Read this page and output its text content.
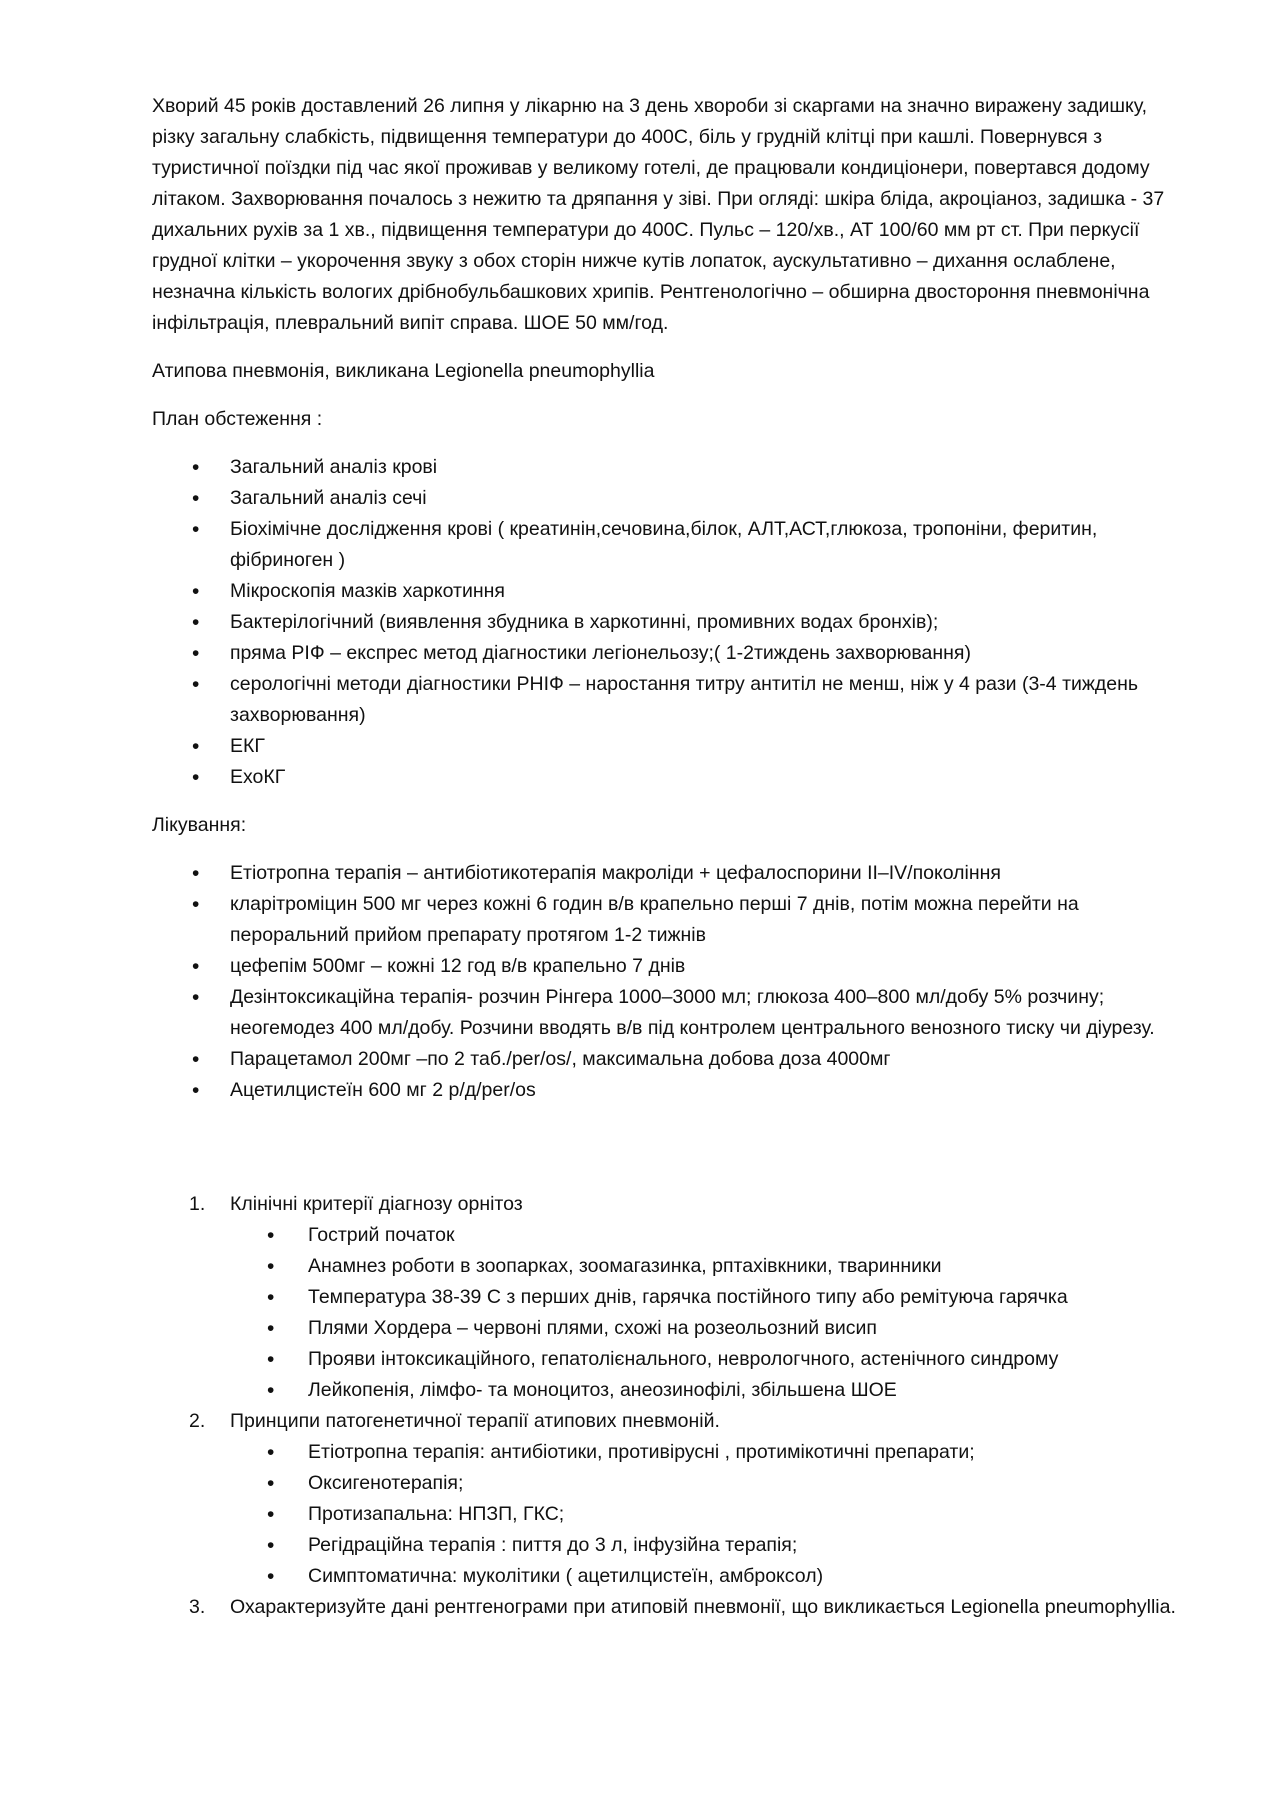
Хворий 45 років доставлений 26 липня у лікарню на 3 день хвороби зі скаргами на значно виражену задишку, різку загальну слабкість, підвищення температури до 400С, біль у грудній клітці при кашлі. Повернувся з туристичної поїздки під час якої проживав у великому готелі, де працювали кондиціонери, повертався додому літаком. Захворювання почалось з нежитю та дряпання у зіві. При огляді: шкіра бліда, акроціаноз, задишка - 37 дихальних рухів за 1 хв., підвищення температури до 400С. Пульс – 120/хв., АТ 100/60 мм рт ст. При перкусії грудної клітки – укорочення звуку з обох сторін нижче кутів лопаток, аускультативно – дихання ослаблене, незначна кількість вологих дрібнобульбашкових хрипів. Рентгенологічно – обширна двостороння пневмонічна інфільтрація, плевральний випіт справа. ШОЕ 50 мм/год.

Атипова пневмонія, викликана Legionella pneumophyllia

План обстеження :

• Загальний аналіз крові
• Загальний аналіз сечі
• Біохімічне дослідження крові ( креатинін,сечовина,білок, АЛТ,АСТ,глюкоза, тропоніни, феритин, фібриноген )
• Мікроскопія мазків харкотиння
• Бактерілогічний (виявлення збудника в харкотинні, промивних водах бронхів);
• пряма РІФ – експрес метод діагностики легіонельозу;( 1-2тиждень захворювання)
• серологічні методи діагностики РНІФ – наростання титру антитіл не менш, ніж у 4 рази (3-4 тиждень захворювання)
• ЕКГ
• ЕхоКГ

Лікування:

• Етіотропна терапія – антибіотикотерапія макроліди + цефалоспорини ІІ–IV/покоління
• кларітроміцин 500 мг через кожні 6 годин в/в крапельно перші 7 днів, потім можна перейти на пероральний прийом препарату протягом 1-2 тижнів
• цефепім 500мг – кожні 12 год в/в крапельно 7 днів
• Дезінтоксикаційна терапія- розчин Рінгера 1000–3000 мл; глюкоза 400–800 мл/добу 5% розчину; неогемодез 400 мл/добу. Розчини вводять в/в під контролем центрального венозного тиску чи діурезу.
• Парацетамол 200мг –по 2 таб./per/os/, максимальна добова доза 4000мг
• Ацетилцистеїн 600 мг 2 р/д/per/os
1. Клінічні критерії діагнозу орнітоз
• Гострий початок
• Анамнез роботи в зоопарках, зоомагазинка, рптахівкники, тваринники
• Температура 38-39 С з перших днів, гарячка постійного типу або ремітуюча гарячка
• Плями Хордера – червоні плями, схожі на розеольозний висип
• Прояви інтоксикаційного, гепатолієнального, неврологчного, астенічного синдрому
• Лейкопенія, лімфо- та моноцитоз, анеозинофілі, збільшена ШОЕ
2. Принципи патогенетичної терапії атипових пневмоній.
• Етіотропна терапія: антибіотики, противірусні , протимікотичні препарати;
• Оксигенотерапія;
• Протизапальна: НПЗП, ГКС;
• Регідраційна терапія : пиття до 3 л, інфузійна терапія;
• Симптоматична: муколітики ( ацетилцистеїн, амброксол)
3. Охарактеризуйте дані рентгенограми при атиповій пневмонії, що викликається Legionella pneumophyllia.
